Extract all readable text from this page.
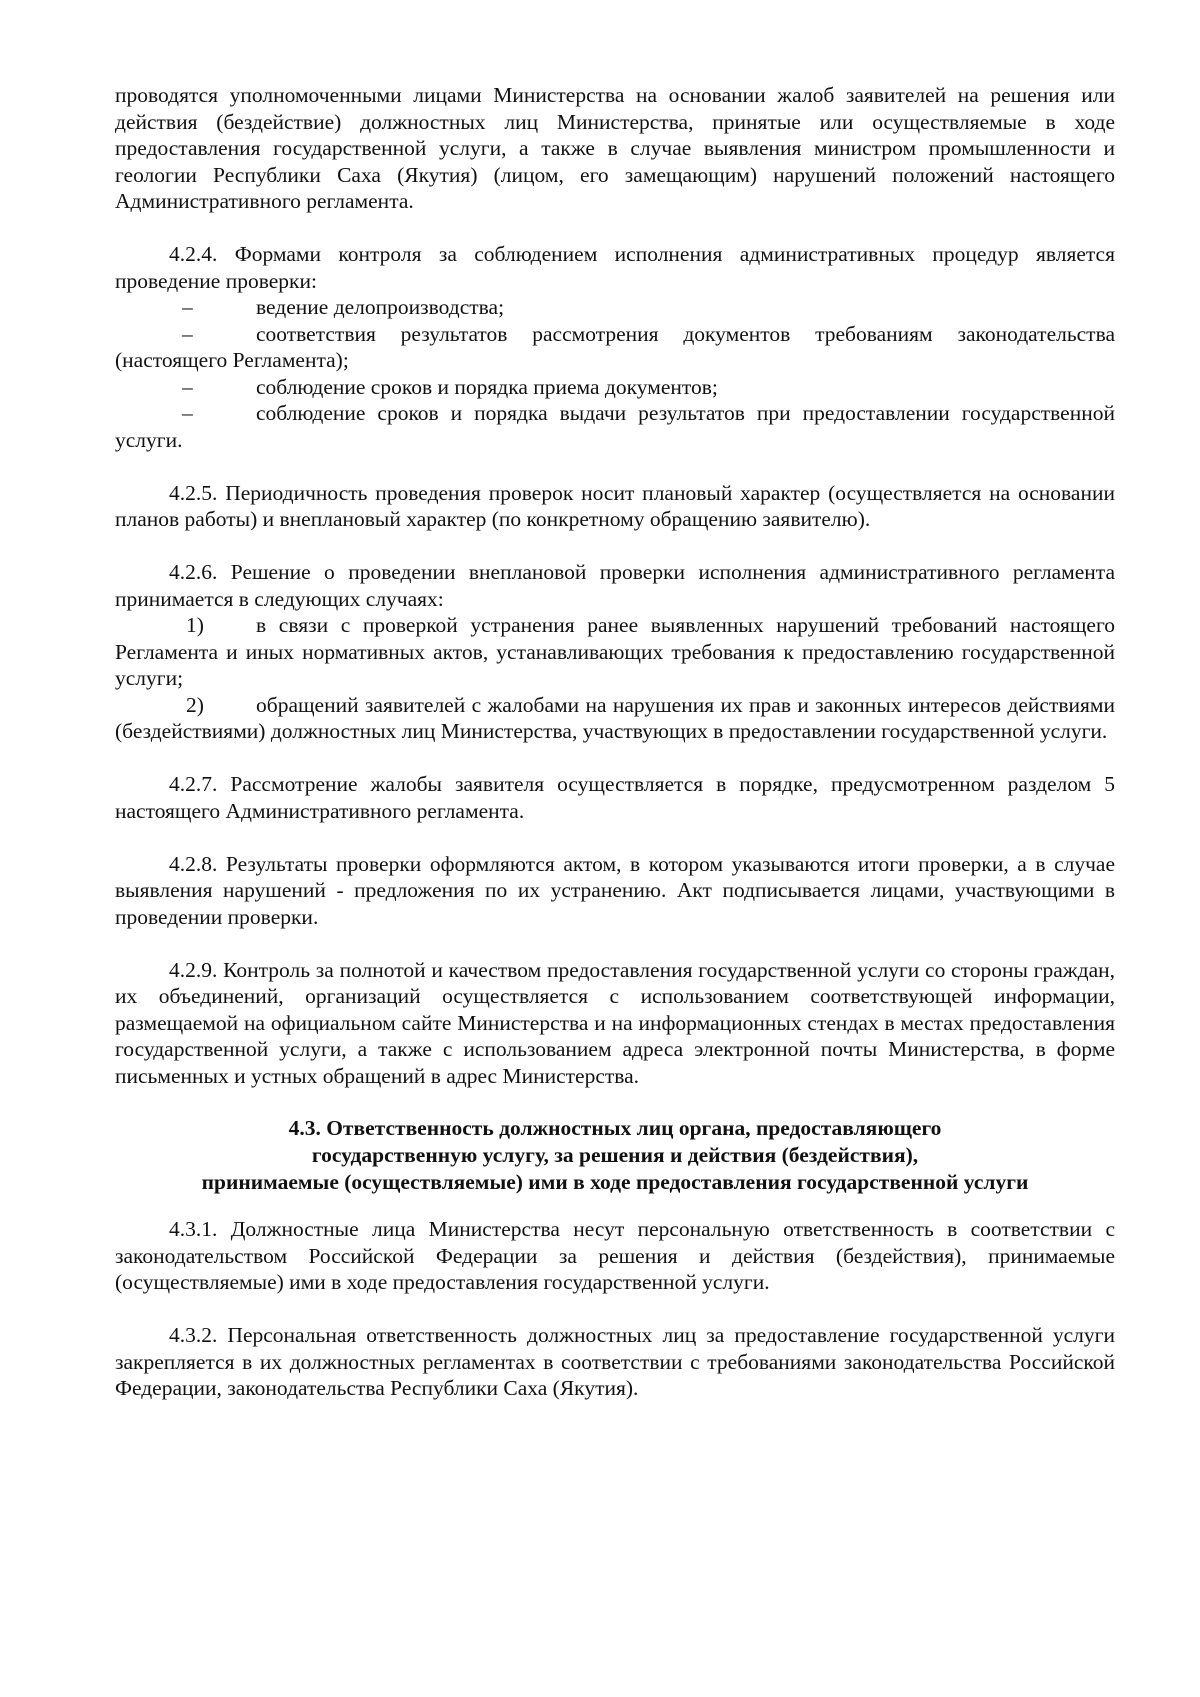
проводятся уполномоченными лицами Министерства на основании жалоб заявителей на решения или действия (бездействие) должностных лиц Министерства, принятые или осуществляемые в ходе предоставления государственной услуги, а также в случае выявления министром промышленности и геологии Республики Саха (Якутия) (лицом, его замещающим) нарушений положений настоящего Административного регламента.

4.2.4. Формами контроля за соблюдением исполнения административных процедур является проведение проверки:

–	ведение делопроизводства;

–	соответствия результатов рассмотрения документов требованиям законодательства (настоящего Регламента);

–	соблюдение сроков и порядка приема документов;

–	соблюдение сроков и порядка выдачи результатов при предоставлении государственной услуги.

4.2.5. Периодичность проведения проверок носит плановый характер (осуществляется на основании планов работы) и внеплановый характер (по конкретному обращению заявителю).

4.2.6. Решение о проведении внеплановой проверки исполнения административного регламента принимается в следующих случаях:

1) в связи с проверкой устранения ранее выявленных нарушений требований настоящего Регламента и иных нормативных актов, устанавливающих требования к предоставлению государственной услуги;

2) обращений заявителей с жалобами на нарушения их прав и законных интересов действиями (бездействиями) должностных лиц Министерства, участвующих в предоставлении государственной услуги.

4.2.7. Рассмотрение жалобы заявителя осуществляется в порядке, предусмотренном разделом 5 настоящего Административного регламента.

4.2.8. Результаты проверки оформляются актом, в котором указываются итоги проверки, а в случае выявления нарушений - предложения по их устранению. Акт подписывается лицами, участвующими в проведении проверки.

4.2.9. Контроль за полнотой и качеством предоставления государственной услуги со стороны граждан, их объединений, организаций осуществляется с использованием соответствующей информации, размещаемой на официальном сайте Министерства и на информационных стендах в местах предоставления государственной услуги, а также с использованием адреса электронной почты Министерства, в форме письменных и устных обращений в адрес Министерства.

4.3. Ответственность должностных лиц органа, предоставляющего
государственную услугу, за решения и действия (бездействия),
принимаемые (осуществляемые) ими в ходе предоставления государственной услуги

4.3.1. Должностные лица Министерства несут персональную ответственность в соответствии с законодательством Российской Федерации за решения и действия (бездействия), принимаемые (осуществляемые) ими в ходе предоставления государственной услуги.

4.3.2. Персональная ответственность должностных лиц за предоставление государственной услуги закрепляется в их должностных регламентах в соответствии с требованиями законодательства Российской Федерации, законодательства Республики Саха (Якутия).
